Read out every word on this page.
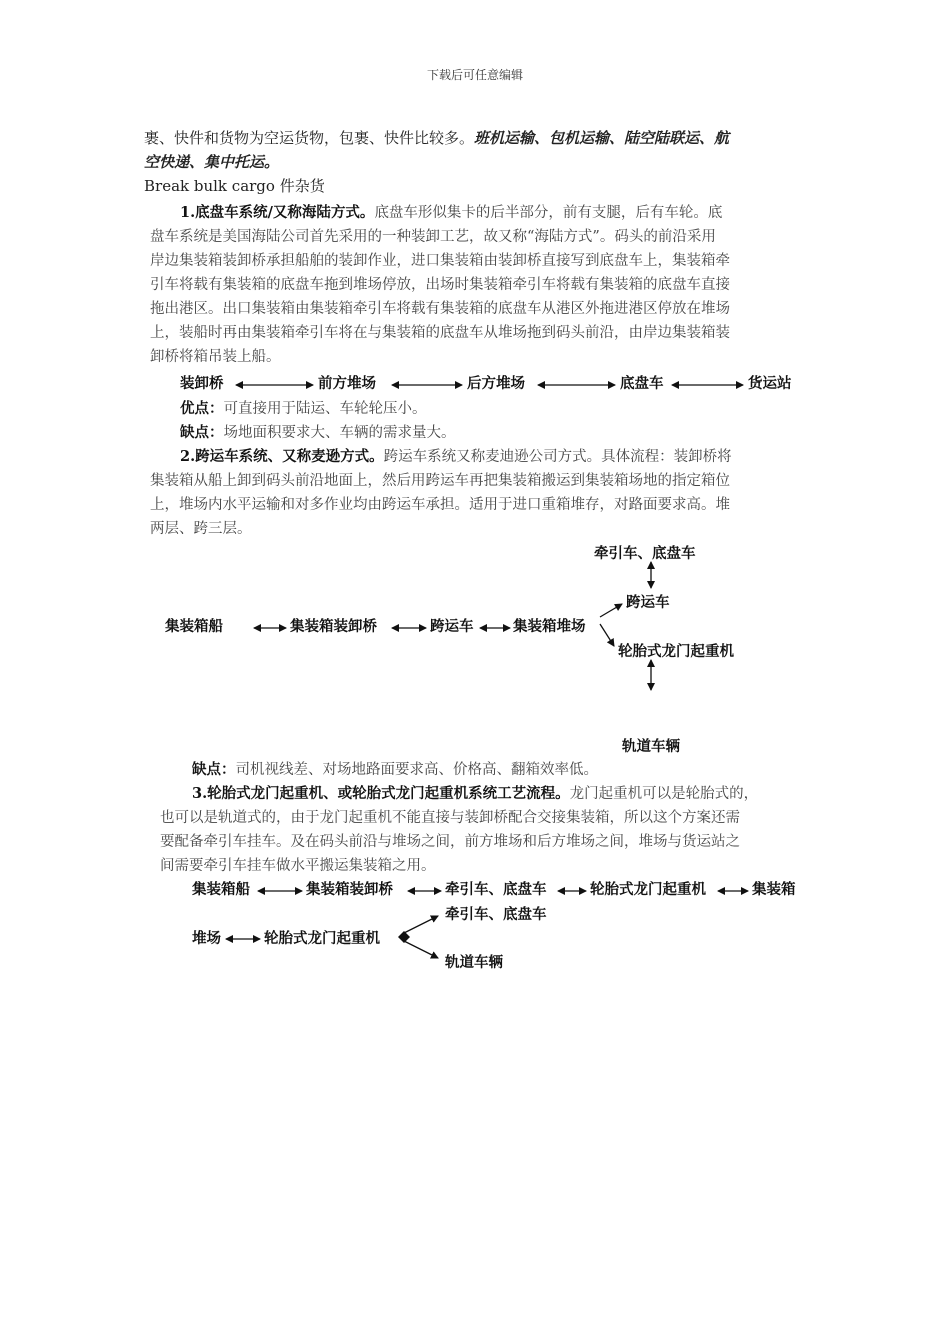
下载后可任意编辑
裹、快件和货物为空运货物，包裹、快件比较多。班机运输、包机运输、陆空陆联运、航
空快递、集中托运。
Break bulk cargo 件杂货
1.底盘车系统/又称海陆方式。底盘车形似集卡的后半部分，前有支腿，后有车轮。底
盘车系统是美国海陆公司首先采用的一种装卸工艺，故又称“海陆方式”。码头的前沿采用
岸边集装箱装卸桥承担船舶的装卸作业，进口集装箱由装卸桥直接写到底盘车上，集装箱牵
引车将载有集装箱的底盘车拖到堆场停放，出场时集装箱牵引车将载有集装箱的底盘车直接
拖出港区。出口集装箱由集装箱牵引车将载有集装箱的底盘车从港区外拖进港区停放在堆场
上，装船时再由集装箱牵引车将在与集装箱的底盘车从堆场拖到码头前沿，由岸边集装箱装
卸桥将箱吊装上船。
装卸桥	前方堆场	后方堆场	底盘车	货运站
优点：可直接用于陆运、车轮轮压小。
缺点：场地面积要求大、车辆的需求量大。
2.跨运车系统、又称麦逊方式。跨运车系统又称麦迪逊公司方式。具体流程：装卸桥将
集装箱从船上卸到码头前沿地面上，然后用跨运车再把集装箱搬运到集装箱场地的指定箱位
上，堆场内水平运输和对多作业均由跨运车承担。适用于进口重箱堆存，对路面要求高。堆
两层、跨三层。
牵引车、底盘车
跨运车
集装箱船	集装箱装卸桥	跨运车	集装箱堆场
轮胎式龙门起重机
轨道车辆
缺点：司机视线差、对场地路面要求高、价格高、翻箱效率低。
3.轮胎式龙门起重机、或轮胎式龙门起重机系统工艺流程。龙门起重机可以是轮胎式的，
也可以是轨道式的，由于龙门起重机不能直接与装卸桥配合交接集装箱，所以这个方案还需
要配备牵引车挂车。及在码头前沿与堆场之间，前方堆场和后方堆场之间，堆场与货运站之
间需要牵引车挂车做水平搬运集装箱之用。
集装箱船	集装箱装卸桥	牵引车、底盘车	轮胎式龙门起重机	集装箱
牵引车、底盘车
堆场	轮胎式龙门起重机
轨道车辆
